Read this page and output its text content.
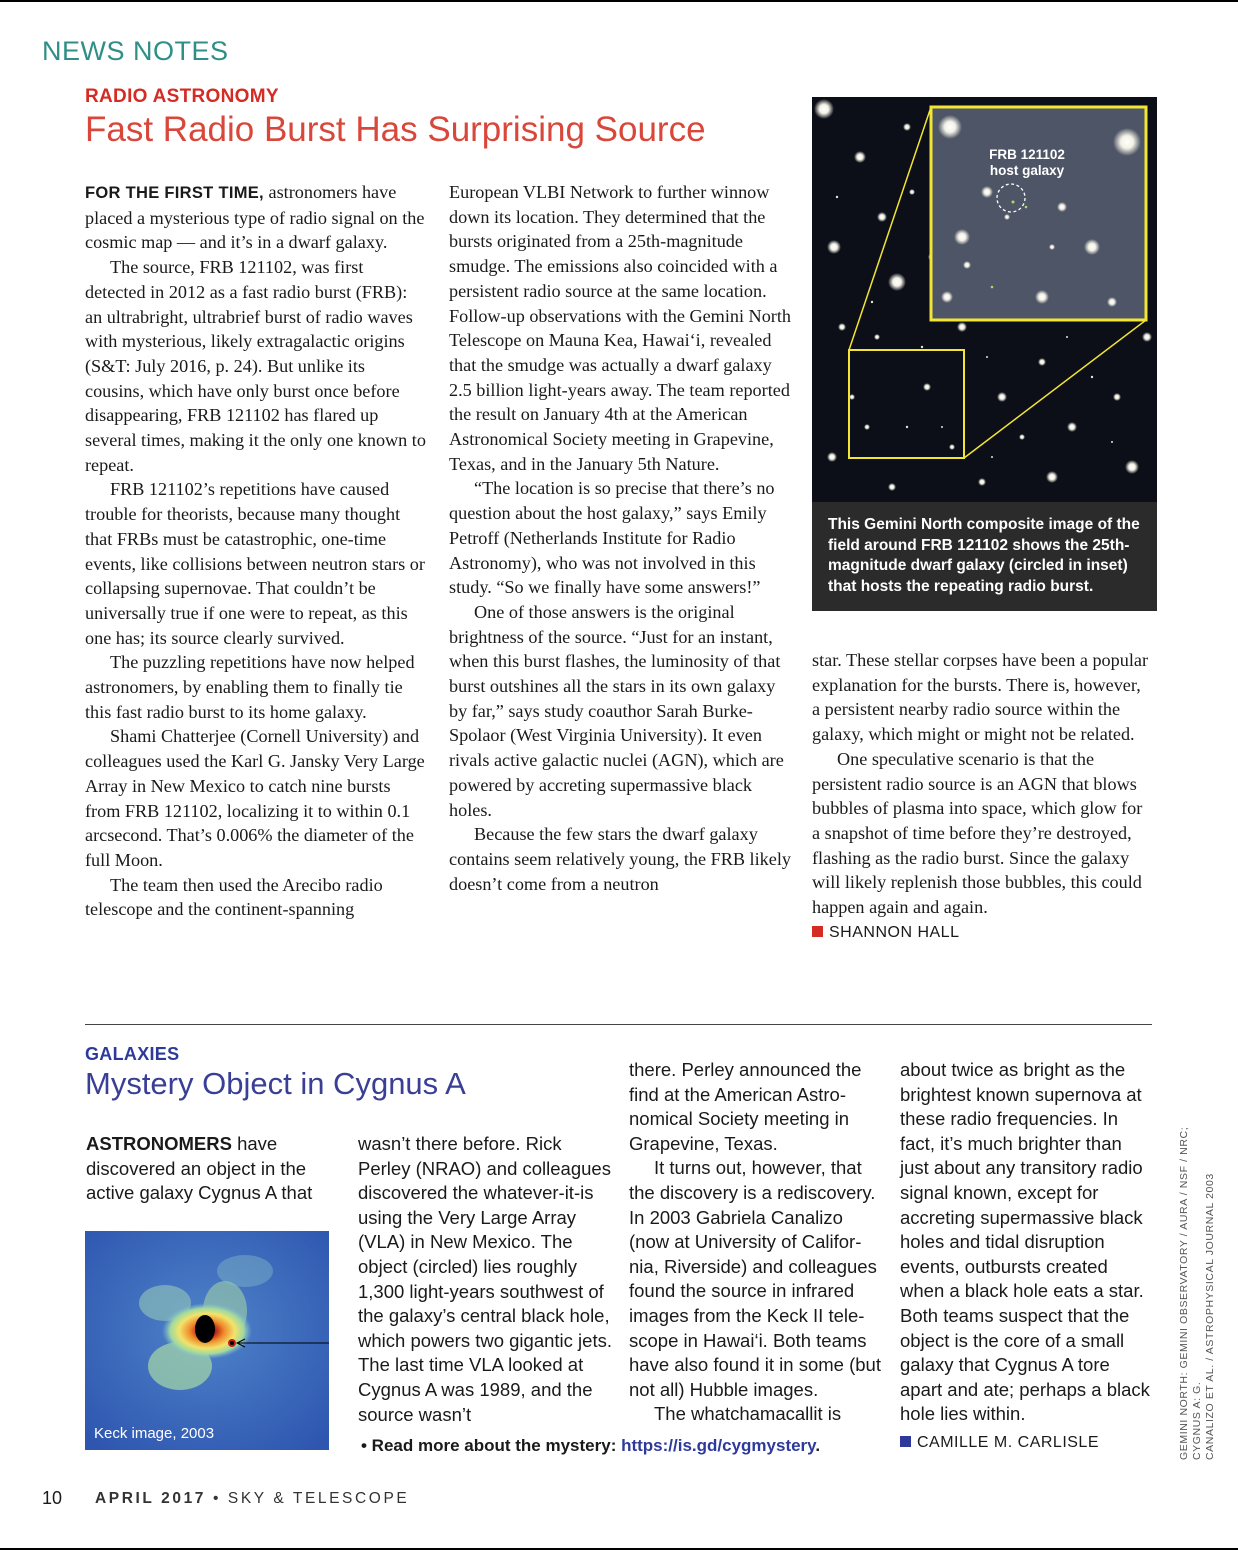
NEWS NOTES
RADIO ASTRONOMY
Fast Radio Burst Has Surprising Source

FOR THE FIRST TIME, astronomers have placed a mysterious type of radio signal on the cosmic map — and it’s in a dwarf galaxy.

The source, FRB 121102, was first detected in 2012 as a fast radio burst (FRB): an ultrabright, ultrabrief burst of radio waves with mysterious, likely extragalactic origins (S&T: July 2016, p. 24). But unlike its cousins, which have only burst once before disappearing, FRB 121102 has flared up several times, making it the only one known to repeat.

FRB 121102’s repetitions have caused trouble for theorists, because many thought that FRBs must be catastrophic, one-time events, like collisions between neutron stars or collapsing supernovae. That couldn’t be universally true if one were to repeat, as this one has; its source clearly survived.

The puzzling repetitions have now helped astronomers, by enabling them to finally tie this fast radio burst to its home galaxy.

Shami Chatterjee (Cornell University) and colleagues used the Karl G. Jansky Very Large Array in New Mexico to catch nine bursts from FRB 121102, localizing it to within 0.1 arcsecond. That’s 0.006% the diameter of the full Moon.

The team then used the Arecibo radio telescope and the continent-spanning

European VLBI Network to further winnow down its location. They determined that the bursts originated from a 25th-magnitude smudge. The emissions also coincided with a persistent radio source at the same location. Follow-up observations with the Gemini North Telescope on Mauna Kea, Hawai‘i, revealed that the smudge was actually a dwarf galaxy 2.5 billion light-years away. The team reported the result on January 4th at the American Astronomical Society meeting in Grapevine, Texas, and in the January 5th Nature.

“The location is so precise that there’s no question about the host galaxy,” says Emily Petroff (Netherlands Institute for Radio Astronomy), who was not involved in this study. “So we finally have some answers!”

One of those answers is the original brightness of the source. “Just for an instant, when this burst flashes, the luminosity of that burst outshines all the stars in its own galaxy by far,” says study coauthor Sarah Burke-Spolaor (West Virginia University). It even rivals active galactic nuclei (AGN), which are powered by accreting supermassive black holes.

Because the few stars the dwarf galaxy contains seem relatively young, the FRB likely doesn’t come from a neutron

FRB 121102
host galaxy
This Gemini North composite image of the field around FRB 121102 shows the 25th-magnitude dwarf galaxy (circled in inset) that hosts the repeating radio burst.

star. These stellar corpses have been a popular explanation for the bursts. There is, however, a persistent nearby radio source within the galaxy, which might or might not be related.

One speculative scenario is that the persistent radio source is an AGN that blows bubbles of plasma into space, which glow for a snapshot of time before they’re destroyed, flashing as the radio burst. Since the galaxy will likely replenish those bubbles, this could happen again and again.

SHANNON HALL
GALAXIES
Mystery Object in Cygnus A

ASTRONOMERS have discovered an object in the active galaxy Cygnus A that

Keck image, 2003

wasn’t there before. Rick Perley (NRAO) and colleagues discovered the whatever-it-is using the Very Large Array (VLA) in New Mexico. The object (circled) lies roughly 1,300 light-years southwest of the galaxy’s central black hole, which powers two gigantic jets. The last time VLA looked at Cygnus A was 1989, and the source wasn’t

there. Perley announced the find at the American Astronomical Society meeting in Grapevine, Texas.

It turns out, however, that the discovery is a rediscovery. In 2003 Gabriela Canalizo (now at University of California, Riverside) and colleagues found the source in infrared images from the Keck II telescope in Hawai‘i. Both teams have also found it in some (but not all) Hubble images.

The whatchamacallit is

about twice as bright as the brightest known supernova at these radio frequencies. In fact, it’s much brighter than just about any transitory radio signal known, except for accreting supermassive black holes and tidal disruption events, outbursts created when a black hole eats a star. Both teams suspect that the object is the core of a small galaxy that Cygnus A tore apart and ate; perhaps a black hole lies within.

CAMILLE M. CARLISLE
• Read more about the mystery: https://is.gd/cygmystery.	GEMINI NORTH: GEMINI OBSERVATORY / AURA / NSF / NRC; CYGNUS A: G. CANALIZO ET AL. / ASTROPHYSICAL JOURNAL 2003
10 APRIL 2017 • SKY & TELESCOPE
